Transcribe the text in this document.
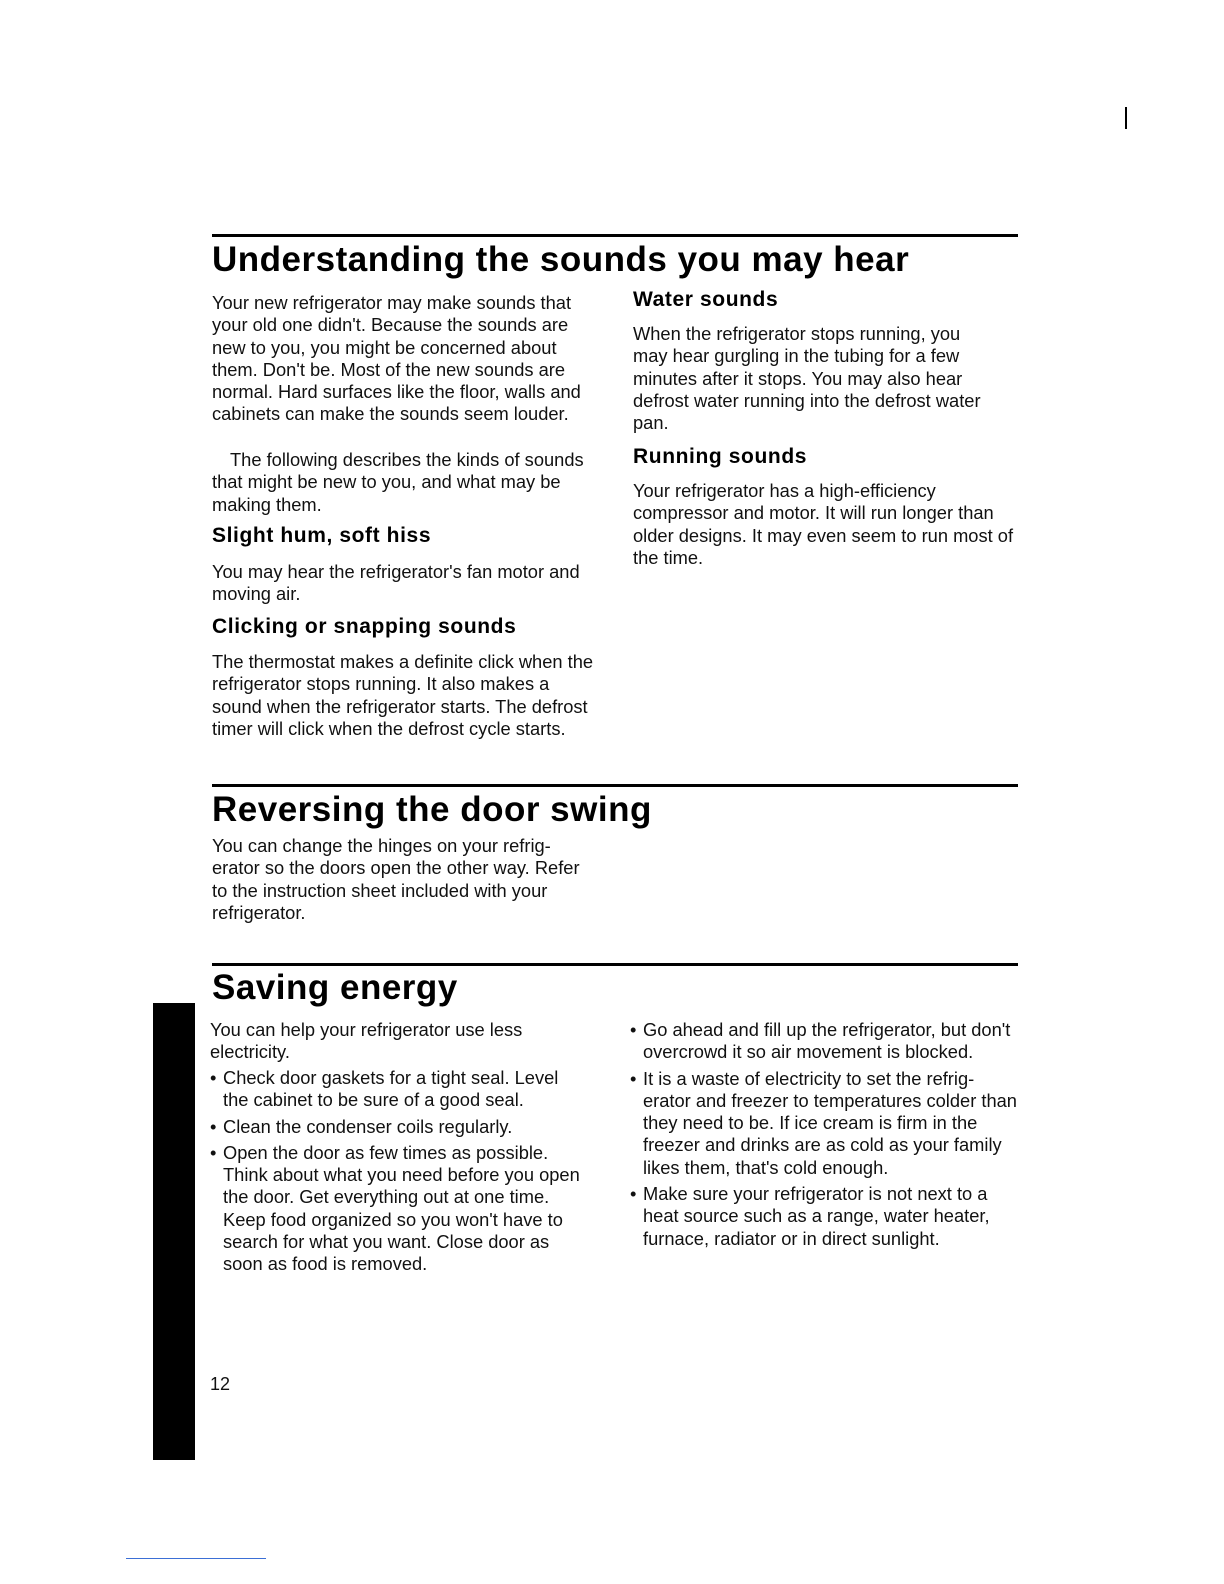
Understanding the sounds you may hear

Your new refrigerator may make sounds that your old one didn't. Because the sounds are new to you, you might be concerned about them. Don't be. Most of the new sounds are normal. Hard surfaces like the floor, walls and cabinets can make the sounds seem louder.

The following describes the kinds of sounds that might be new to you, and what may be making them.

Slight hum, soft hiss

You may hear the refrigerator's fan motor and moving air.

Clicking or snapping sounds

The thermostat makes a definite click when the refrigerator stops running. It also makes a sound when the refrigerator starts. The defrost timer will click when the defrost cycle starts.

Water sounds

When the refrigerator stops running, you may hear gurgling in the tubing for a few minutes after it stops. You may also hear defrost water running into the defrost water pan.

Running sounds

Your refrigerator has a high-efficiency compressor and motor. It will run longer than older designs. It may even seem to run most of the time.

Reversing the door swing

You can change the hinges on your refrig-erator so the doors open the other way. Refer to the instruction sheet included with your refrigerator.

Saving energy

You can help your refrigerator use less electricity.

• Check door gaskets for a tight seal. Level the cabinet to be sure of a good seal.
• Clean the condenser coils regularly.
• Open the door as few times as possible. Think about what you need before you open the door. Get everything out at one time. Keep food organized so you won't have to search for what you want. Close door as soon as food is removed.
• Go ahead and fill up the refrigerator, but don't overcrowd it so air movement is blocked.
• It is a waste of electricity to set the refrig-erator and freezer to temperatures colder than they need to be. If ice cream is firm in the freezer and drinks are as cold as your family likes them, that's cold enough.
• Make sure your refrigerator is not next to a heat source such as a range, water heater, furnace, radiator or in direct sunlight.
12
